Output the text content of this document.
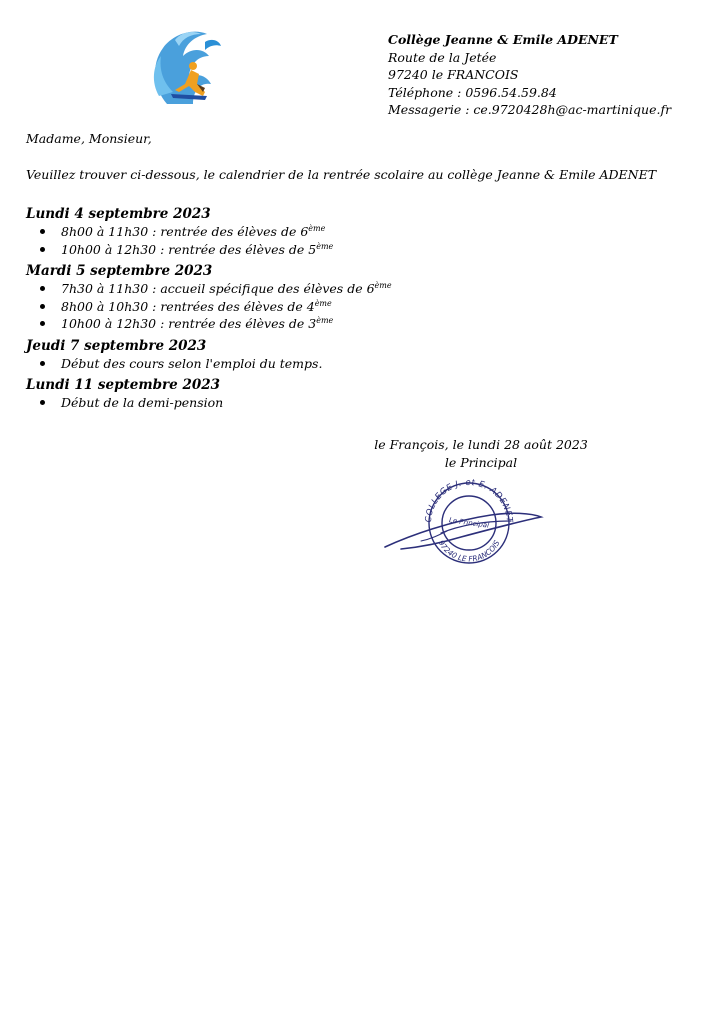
Collège Jeanne & Emile ADENET
Route de la Jetée
97240 le FRANCOIS
Téléphone : 0596.54.59.84
Messagerie : ce.9720428h@ac-martinique.fr
Madame, Monsieur,
Veuillez trouver ci-dessous, le calendrier de la rentrée scolaire au collège Jeanne & Emile ADENET
Lundi 4 septembre 2023
8h00 à 11h30 : rentrée des élèves de 6ème
10h00 à 12h30 : rentrée des élèves de 5ème
Mardi 5 septembre 2023
7h30 à 11h30 : accueil spécifique des élèves de 6ème
8h00 à 10h30 : rentrées des élèves de 4ème
10h00 à 12h30 : rentrée des élèves de 3ème
Jeudi 7 septembre 2023
Début des cours selon l'emploi du temps.
Lundi 11 septembre 2023
Début de la demi-pension
le François, le lundi 28 août 2023
le Principal
COLLEGE J. et E. ADENET
97240 LE FRANCOIS
Le Principal
